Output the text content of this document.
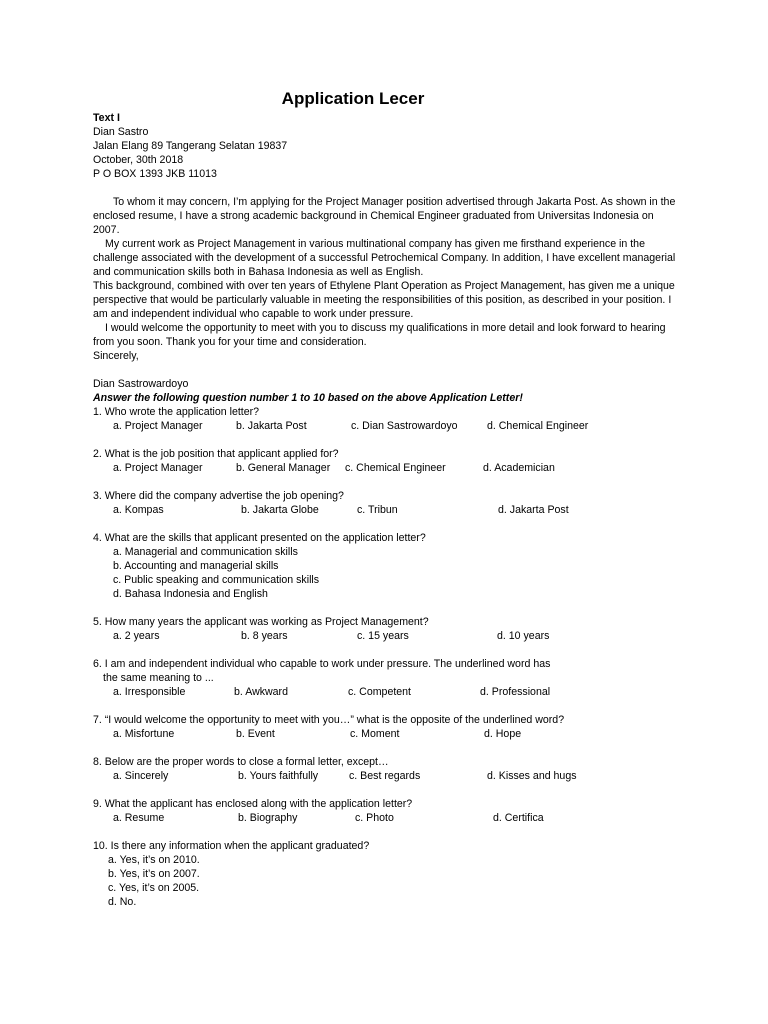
Application Lecer
Text I
Dian Sastro
Jalan Elang 89 Tangerang Selatan 19837
October, 30th 2018
P O BOX 1393 JKB 11013

To whom it may concern, I’m applying for the Project Manager position advertised through Jakarta Post. As shown in the enclosed resume, I have a strong academic background in Chemical Engineer graduated from Universitas Indonesia on 2007.

My current work as Project Management in various multinational company has given me firsthand experience in the challenge associated with the development of a successful Petrochemical Company. In addition, I have excellent managerial and communication skills both in Bahasa Indonesia as well as English.

This background, combined with over ten years of Ethylene Plant Operation as Project Management, has given me a unique perspective that would be particularly valuable in meeting the responsibilities of this position, as described in your position. I am and independent individual who capable to work under pressure.

I would welcome the opportunity to meet with you to discuss my qualifications in more detail and look forward to hearing from you soon. Thank you for your time and consideration.

Sincerely,

Dian Sastrowardoyo
Answer the following question number 1 to 10 based on the above Application Letter!
1. Who wrote the application letter?
a. Project Manager	b. Jakarta Post	c. Dian Sastrowardoyo	d. Chemical Engineer
2. What is the job position that applicant applied for?
a. Project Manager	b. General Manager c. Chemical Engineer	d. Academician
3. Where did the company advertise the job opening?
a. Kompas	b. Jakarta Globe	c. Tribun	d. Jakarta Post
4. What are the skills that applicant presented on the application letter?
a. Managerial and communication skills
b. Accounting and managerial skills
c. Public speaking and communication skills
d. Bahasa Indonesia and English
5. How many years the applicant was working as Project Management?
a. 2 years	b. 8 years	c. 15 years	d. 10 years
6. I am and independent individual who capable to work under pressure. The underlined word has
the same meaning to ...
a. Irresponsible	b. Awkward	c. Competent	d. Professional
7. “I would welcome the opportunity to meet with you…” what is the opposite of the underlined word?
a. Misfortune	b. Event	c. Moment	d. Hope
8. Below are the proper words to close a formal letter, except…
a. Sincerely	b. Yours faithfully	c. Best regards	d. Kisses and hugs
9. What the applicant has enclosed along with the application letter?
a. Resume	b. Biography	c. Photo	d. Certifica
10. Is there any information when the applicant graduated?
a. Yes, it’s on 2010.
b. Yes, it’s on 2007.
c. Yes, it’s on 2005.
d. No.
